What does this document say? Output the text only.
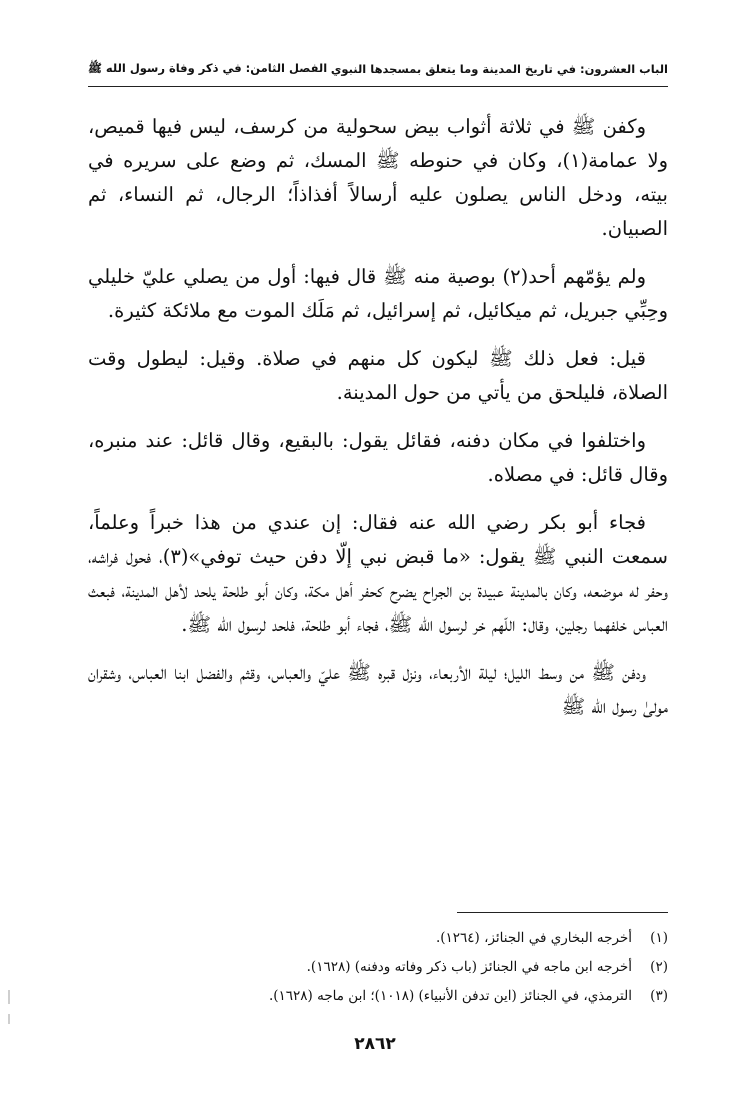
الباب العشرون: في تاريخ المدينة وما يتعلق بمسجدها النبوي
الفصل الثامن: في ذكر وفاة رسول الله ﷺ

وكفن ﷺ في ثلاثة أثواب بيض سحولية من كرسف، ليس فيها قميص، ولا عمامة(١)، وكان في حنوطه ﷺ المسك، ثم وضع على سريره في بيته، ودخل الناس يصلون عليه أرسالاً أفذاذاً؛ الرجال، ثم النساء، ثم الصبيان.

ولم يؤمّهم أحد(٢) بوصية منه ﷺ قال فيها: أول من يصلي عليّ خليلي وحِبِّي جبريل، ثم ميكائيل، ثم إسرائيل، ثم مَلَك الموت مع ملائكة كثيرة.

قيل: فعل ذلك ﷺ ليكون كل منهم في صلاة. وقيل: ليطول وقت الصلاة، فليلحق من يأتي من حول المدينة.

واختلفوا في مكان دفنه، فقائل يقول: بالبقيع، وقال قائل: عند منبره، وقال قائل: في مصلاه.

فجاء أبو بكر رضي الله عنه فقال: إن عندي من هذا خبراً وعلماً، سمعت النبي ﷺ يقول: «ما قبض نبي إلّا دفن حيث توفي»(٣)، فحول فراشه، وحفر له موضعه، وكان بالمدينة عبيدة بن الجراح يضرح كحفر أهل مكة، وكان أبو طلحة يلحد لأهل المدينة، فبعث العباس خلفهما رجلين، وقال: اللّهم خر لرسول الله ﷺ، فجاء أبو طلحة، فلحد لرسول الله ﷺ.

ودفن ﷺ من وسط الليل؛ ليلة الأربعاء، ونزل قبره ﷺ عليّ والعباس، وقثم والفضل ابنا العباس، وشقران مولىٰ رسول الله ﷺ

(١)
أخرجه البخاري في الجنائز، (١٢٦٤).
(٢)
أخرجه ابن ماجه في الجنائز (باب ذكر وفاته ودفنه) (١٦٢٨).
(٣)
الترمذي، في الجنائز (اين تدفن الأنبياء) (١٠١٨)؛ ابن ماجه (١٦٢٨).
٢٨٦٢
